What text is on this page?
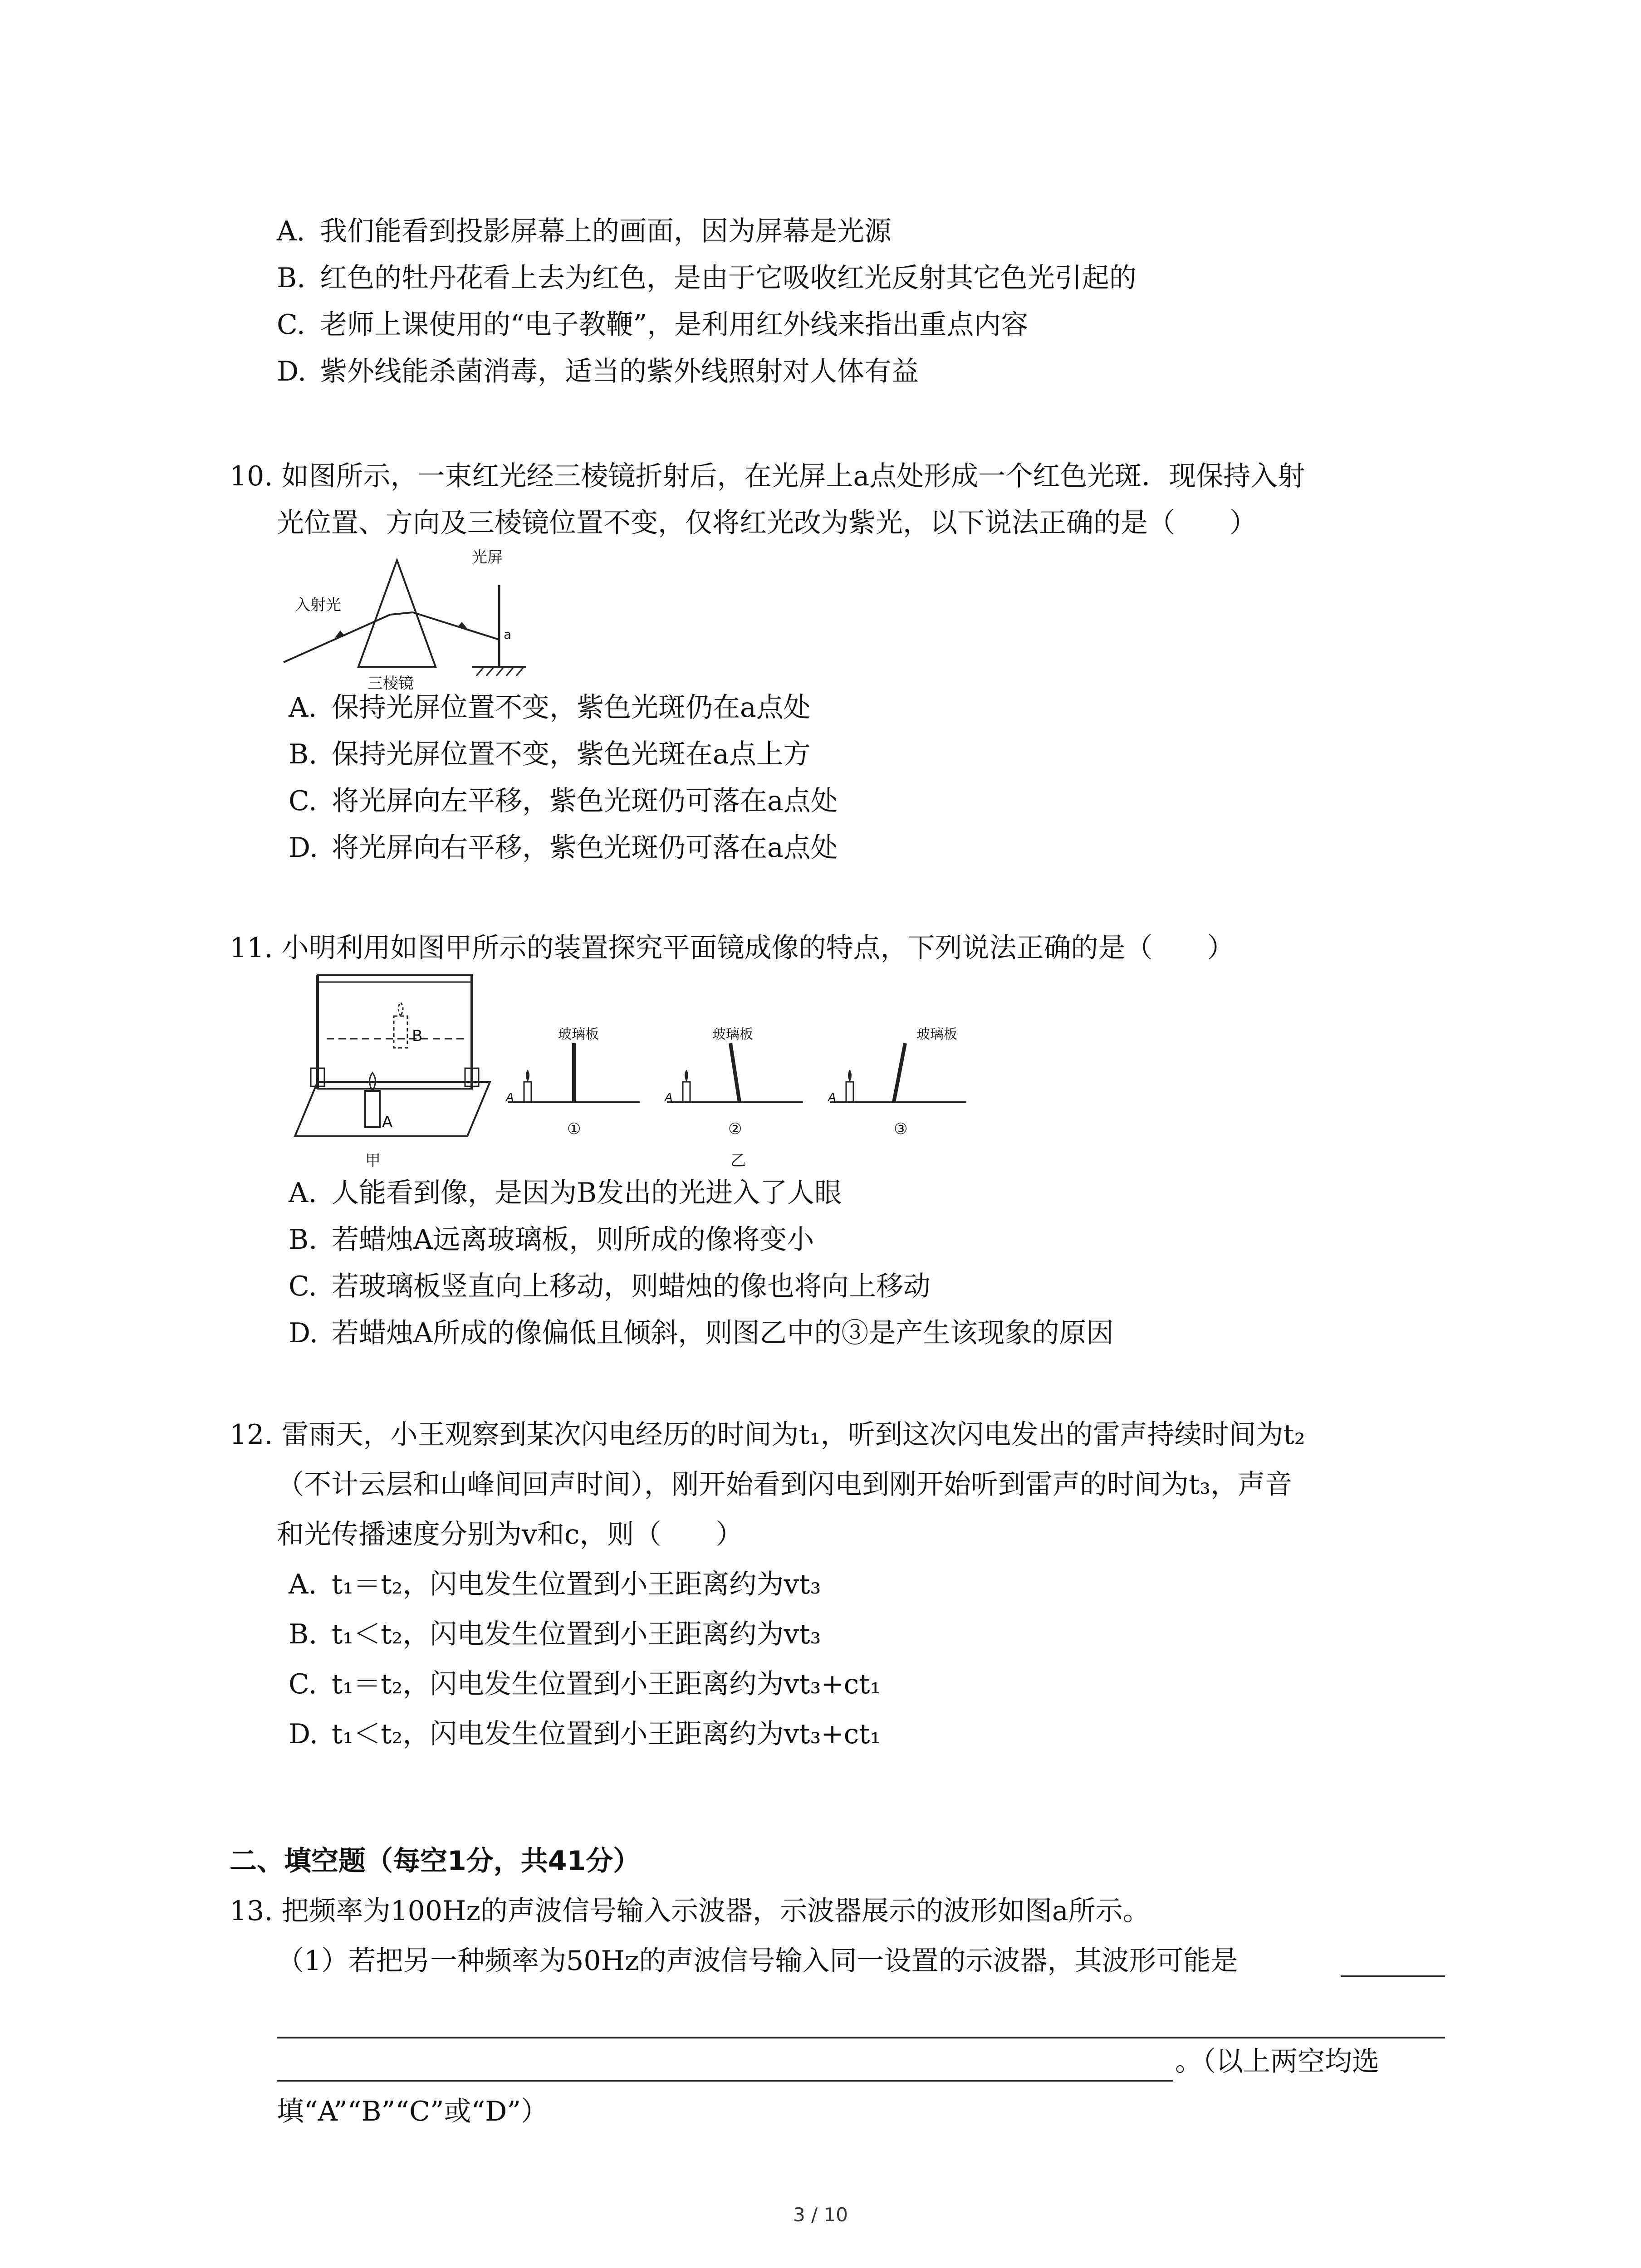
A. 我们能看到投影屏幕上的画面，因为屏幕是光源
B. 红色的牡丹花看上去为红色，是由于它吸收红光反射其它色光引起的
C. 老师上课使用的“电子教鞭”，是利用红外线来指出重点内容
D. 紫外线能杀菌消毒，适当的紫外线照射对人体有益
10. 如图所示，一束红光经三棱镜折射后，在光屏上a点处形成一个红色光斑．现保持入射
光位置、方向及三棱镜位置不变，仅将红光改为紫光，以下说法正确的是（　　）
入射光
三棱镜
光屏
a
A. 保持光屏位置不变，紫色光斑仍在a点处
B. 保持光屏位置不变，紫色光斑在a点上方
C. 将光屏向左平移，紫色光斑仍可落在a点处
D. 将光屏向右平移，紫色光斑仍可落在a点处
11. 小明利用如图甲所示的装置探究平面镜成像的特点，下列说法正确的是（　　）
B
A
甲
A
玻璃板
①
A
玻璃板
②
乙
A
玻璃板
③
A. 人能看到像，是因为B发出的光进入了人眼
B. 若蜡烛A远离玻璃板，则所成的像将变小
C. 若玻璃板竖直向上移动，则蜡烛的像也将向上移动
D. 若蜡烛A所成的像偏低且倾斜，则图乙中的③是产生该现象的原因
12. 雷雨天，小王观察到某次闪电经历的时间为t₁，听到这次闪电发出的雷声持续时间为t₂
（不计云层和山峰间回声时间），刚开始看到闪电到刚开始听到雷声的时间为t₃，声音
和光传播速度分别为v和c，则（　　）
A. t₁＝t₂，闪电发生位置到小王距离约为vt₃
B. t₁＜t₂，闪电发生位置到小王距离约为vt₃
C. t₁＝t₂，闪电发生位置到小王距离约为vt₃+ct₁
D. t₁＜t₂，闪电发生位置到小王距离约为vt₃+ct₁
二、填空题（每空1分，共41分）
13. 把频率为100Hz的声波信号输入示波器，示波器展示的波形如图a所示。
（1）若把另一种频率为50Hz的声波信号输入同一设置的示波器，其波形可能是
。（以上两空均选
填“A”“B”“C”或“D”）
3 / 10
